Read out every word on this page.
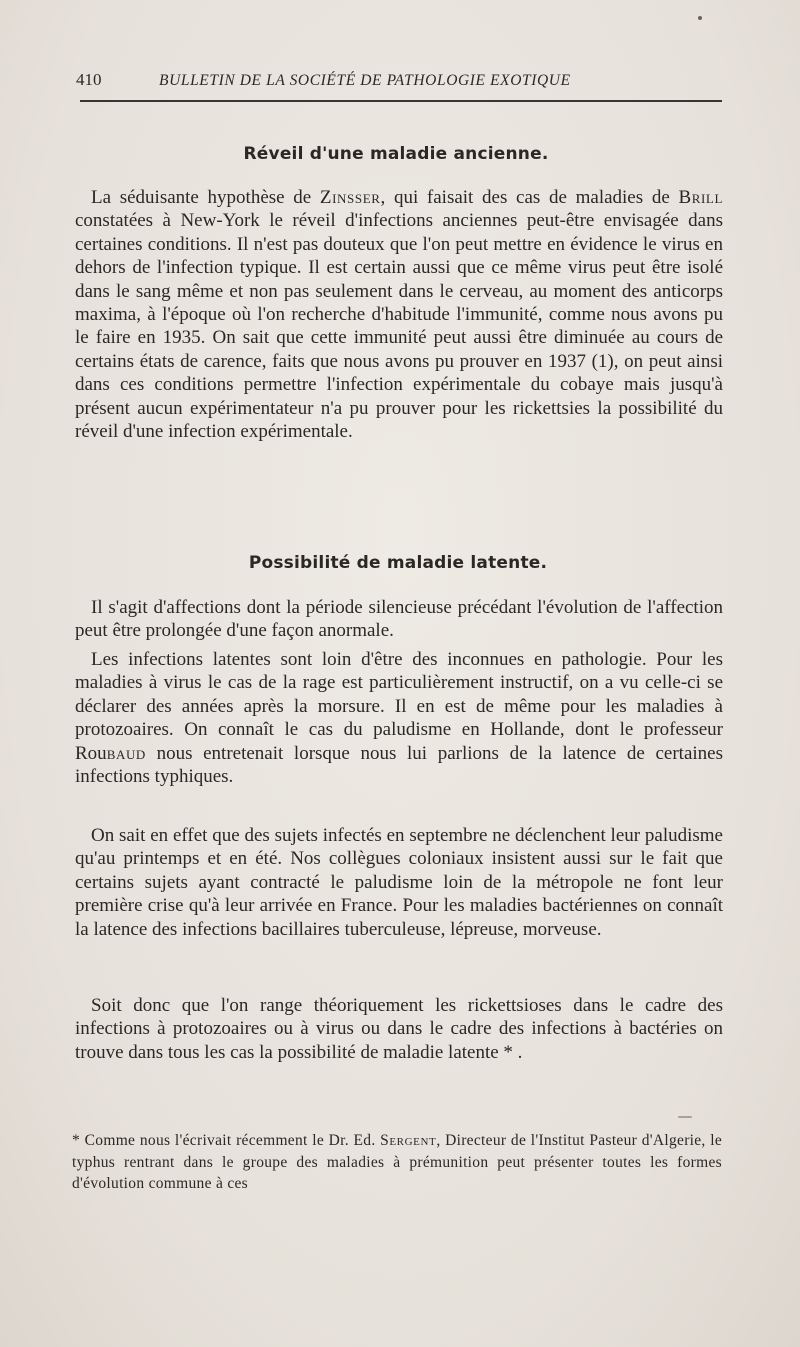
410	BULLETIN DE LA SOCIÉTÉ DE PATHOLOGIE EXOTIQUE
Réveil d'une maladie ancienne.

La séduisante hypothèse de Zinsser, qui faisait des cas de maladies de Brill constatées à New-York le réveil d'infections anciennes peut-être envisagée dans certaines conditions. Il n'est pas douteux que l'on peut mettre en évidence le virus en dehors de l'infection typique. Il est certain aussi que ce même virus peut être isolé dans le sang même et non pas seulement dans le cerveau, au moment des anticorps maxima, à l'époque où l'on recherche d'habitude l'immunité, comme nous avons pu le faire en 1935. On sait que cette immunité peut aussi être diminuée au cours de certains états de carence, faits que nous avons pu prouver en 1937 (1), on peut ainsi dans ces conditions permettre l'infection expérimentale du cobaye mais jusqu'à présent aucun expérimentateur n'a pu prouver pour les rickettsies la possibilité du réveil d'une infection expérimentale.

Possibilité de maladie latente.

Il s'agit d'affections dont la période silencieuse précédant l'évolution de l'affection peut être prolongée d'une façon anormale.

Les infections latentes sont loin d'être des inconnues en pathologie. Pour les maladies à virus le cas de la rage est particulièrement instructif, on a vu celle-ci se déclarer des années après la morsure. Il en est de même pour les maladies à protozoaires. On connaît le cas du paludisme en Hollande, dont le professeur Roubaud nous entretenait lorsque nous lui parlions de la latence de certaines infections typhiques.

On sait en effet que des sujets infectés en septembre ne déclenchent leur paludisme qu'au printemps et en été. Nos collègues coloniaux insistent aussi sur le fait que certains sujets ayant contracté le paludisme loin de la métropole ne font leur première crise qu'à leur arrivée en France. Pour les maladies bactériennes on connaît la latence des infections bacillaires tuberculeuse, lépreuse, morveuse.

Soit donc que l'on range théoriquement les rickettsioses dans le cadre des infections à protozoaires ou à virus ou dans le cadre des infections à bactéries on trouve dans tous les cas la possibilité de maladie latente * .

* Comme nous l'écrivait récemment le Dr. Ed. Sergent, Directeur de l'Institut Pasteur d'Algerie, le typhus rentrant dans le groupe des maladies à prémunition peut présenter toutes les formes d'évolution commune à ces
